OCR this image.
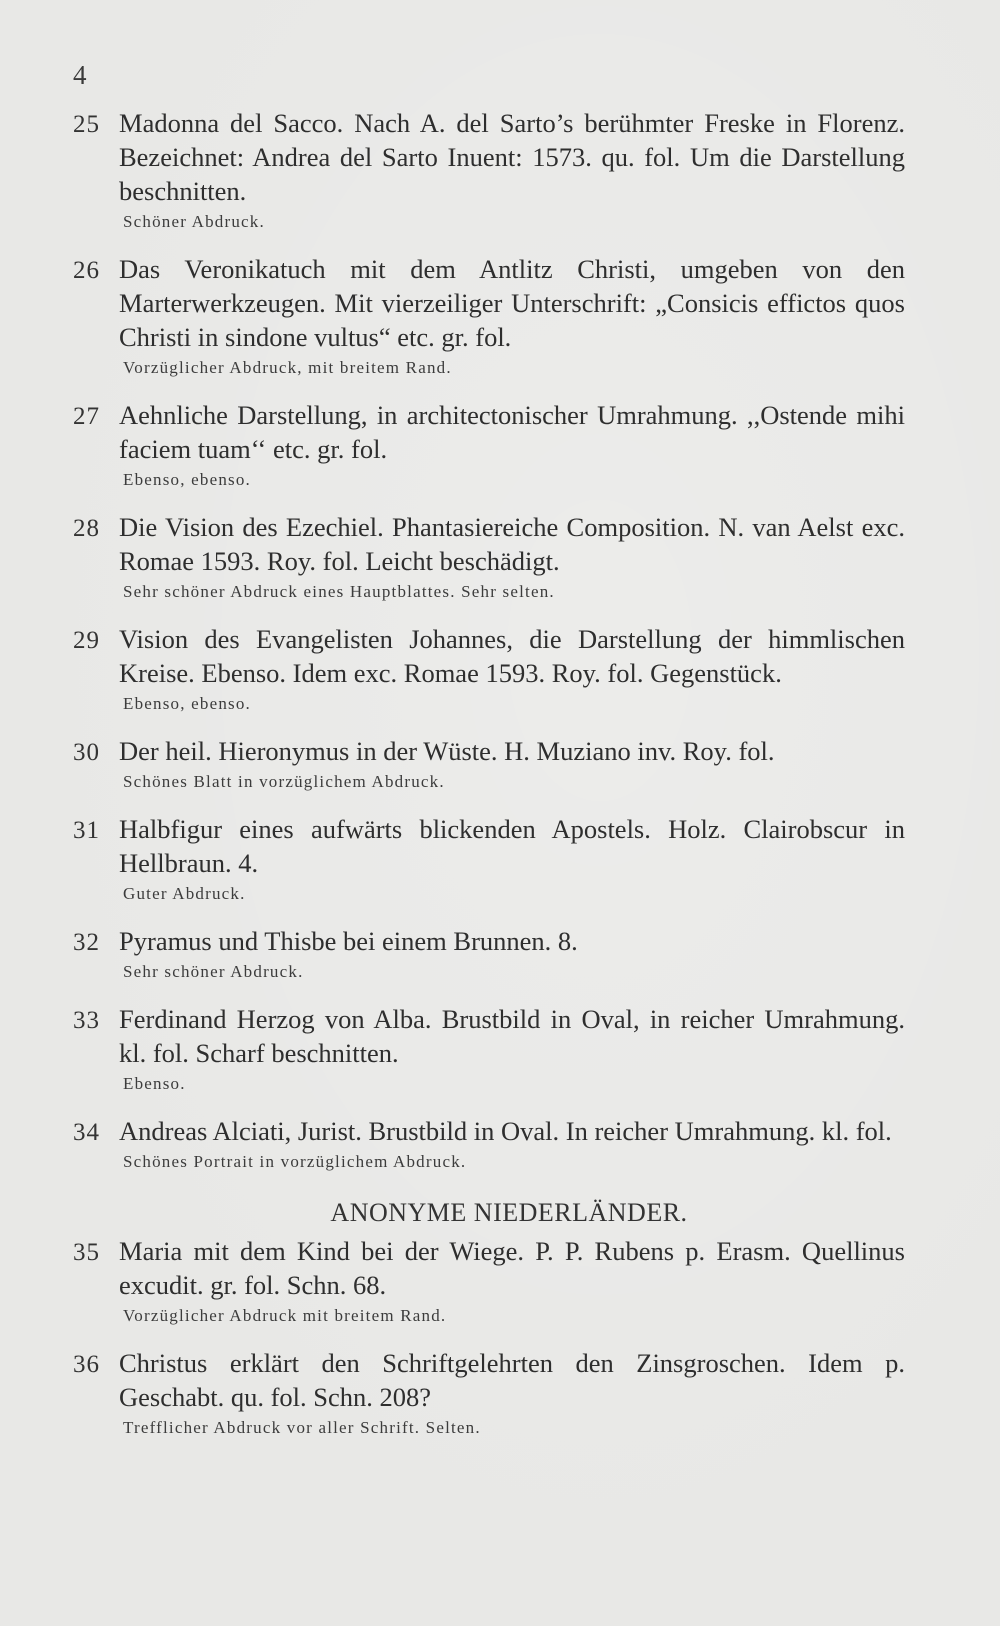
4
25 Madonna del Sacco. Nach A. del Sarto’s berühmter Freske in Florenz. Bezeichnet: Andrea del Sarto Inuent: 1573. qu. fol. Um die Darstellung beschnitten.
Schöner Abdruck.
26 Das Veronikatuch mit dem Antlitz Christi, umgeben von den Marterwerkzeugen. Mit vierzeiliger Unterschrift: „Consicis effictos quos Christi in sindone vultus“ etc. gr. fol.
Vorzüglicher Abdruck, mit breitem Rand.
27 Aehnliche Darstellung, in architectonischer Umrahmung. ,,Ostende mihi faciem tuam‘‘ etc. gr. fol.
Ebenso, ebenso.
28 Die Vision des Ezechiel. Phantasiereiche Composition. N. van Aelst exc. Romae 1593. Roy. fol. Leicht beschädigt.
Sehr schöner Abdruck eines Hauptblattes. Sehr selten.
29 Vision des Evangelisten Johannes, die Darstellung der himmlischen Kreise. Ebenso. Idem exc. Romae 1593. Roy. fol. Gegenstück.
Ebenso, ebenso.
30 Der heil. Hieronymus in der Wüste. H. Muziano inv. Roy. fol.
Schönes Blatt in vorzüglichem Abdruck.
31 Halbfigur eines aufwärts blickenden Apostels. Holz. Clairobscur in Hellbraun. 4.
Guter Abdruck.
32 Pyramus und Thisbe bei einem Brunnen. 8.
Sehr schöner Abdruck.
33 Ferdinand Herzog von Alba. Brustbild in Oval, in reicher Umrahmung. kl. fol. Scharf beschnitten.
Ebenso.
34 Andreas Alciati, Jurist. Brustbild in Oval. In reicher Umrahmung. kl. fol.
Schönes Portrait in vorzüglichem Abdruck.
ANONYME NIEDERLÄNDER.
35 Maria mit dem Kind bei der Wiege. P. P. Rubens p. Erasm. Quellinus excudit. gr. fol. Schn. 68.
Vorzüglicher Abdruck mit breitem Rand.
36 Christus erklärt den Schriftgelehrten den Zinsgroschen. Idem p. Geschabt. qu. fol. Schn. 208?
Trefflicher Abdruck vor aller Schrift. Selten.
